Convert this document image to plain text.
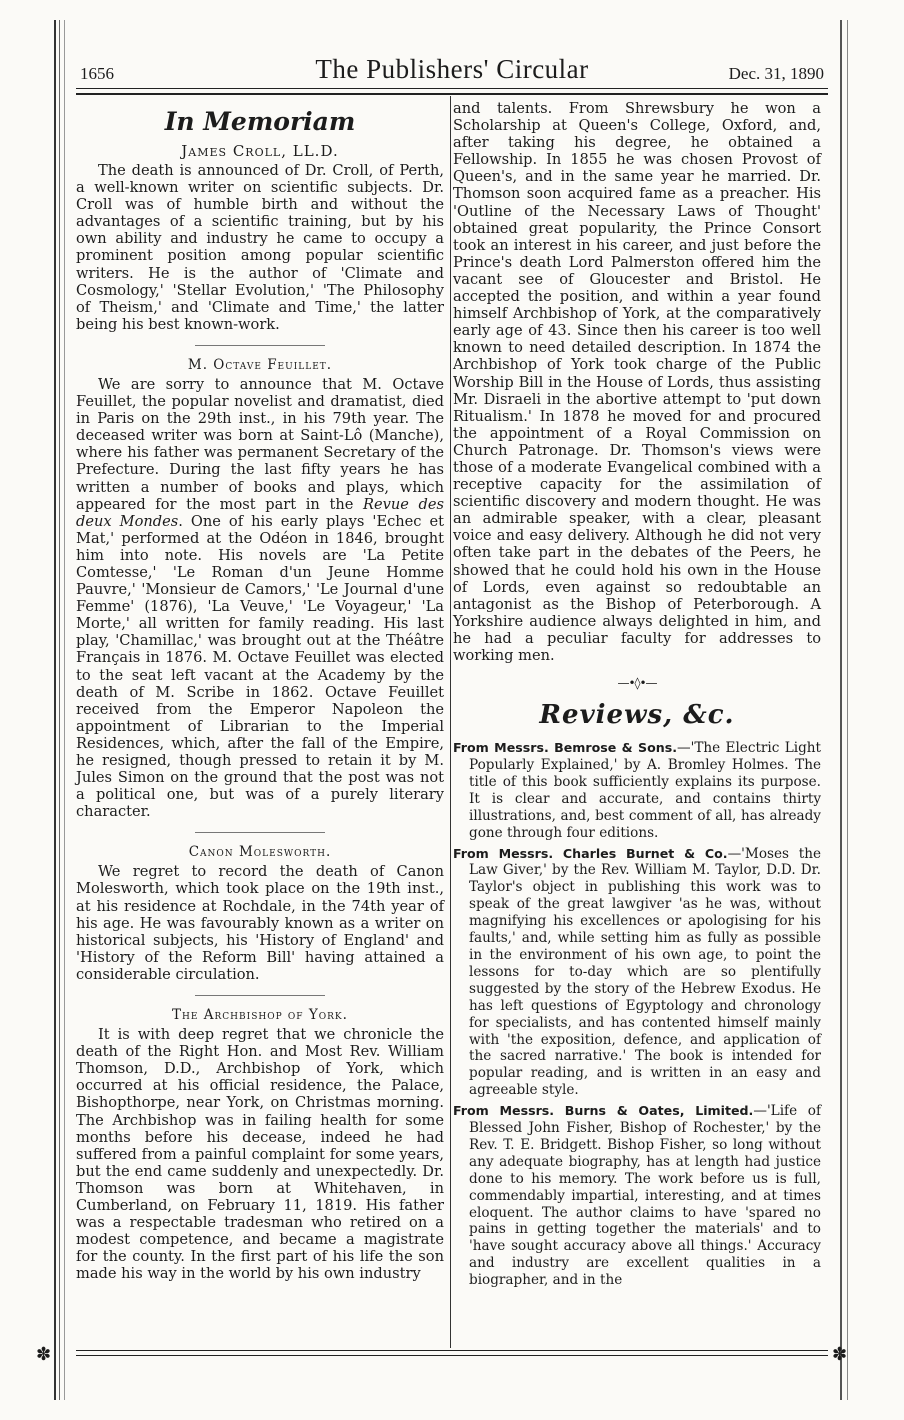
1656	The Publishers' Circular	Dec. 31, 1890
In Memoriam
James Croll, LL.D.

The death is announced of Dr. Croll, of Perth, a well-known writer on scientific subjects. Dr. Croll was of humble birth and without the advantages of a scientific training, but by his own ability and industry he came to occupy a prominent position among popular scientific writers. He is the author of 'Climate and Cosmology,' 'Stellar Evolution,' 'The Philosophy of Theism,' and 'Climate and Time,' the latter being his best known-work.

M. Octave Feuillet.

We are sorry to announce that M. Octave Feuillet, the popular novelist and dramatist, died in Paris on the 29th inst., in his 79th year. The deceased writer was born at Saint-Lô (Manche), where his father was permanent Secretary of the Prefecture. During the last fifty years he has written a number of books and plays, which appeared for the most part in the Revue des deux Mondes. One of his early plays 'Echec et Mat,' performed at the Odéon in 1846, brought him into note. His novels are 'La Petite Comtesse,' 'Le Roman d'un Jeune Homme Pauvre,' 'Monsieur de Camors,' 'Le Journal d'une Femme' (1876), 'La Veuve,' 'Le Voyageur,' 'La Morte,' all written for family reading. His last play, 'Chamillac,' was brought out at the Théâtre Français in 1876. M. Octave Feuillet was elected to the seat left vacant at the Academy by the death of M. Scribe in 1862. Octave Feuillet received from the Emperor Napoleon the appointment of Librarian to the Imperial Residences, which, after the fall of the Empire, he resigned, though pressed to retain it by M. Jules Simon on the ground that the post was not a political one, but was of a purely literary character.

Canon Molesworth.

We regret to record the death of Canon Molesworth, which took place on the 19th inst., at his residence at Rochdale, in the 74th year of his age. He was favourably known as a writer on historical subjects, his 'History of England' and 'History of the Reform Bill' having attained a considerable circulation.

The Archbishop of York.

It is with deep regret that we chronicle the death of the Right Hon. and Most Rev. William Thomson, D.D., Archbishop of York, which occurred at his official residence, the Palace, Bishopthorpe, near York, on Christmas morning. The Archbishop was in failing health for some months before his decease, indeed he had suffered from a painful complaint for some years, but the end came suddenly and unexpectedly. Dr. Thomson was born at Whitehaven, in Cumberland, on February 11, 1819. His father was a respectable tradesman who retired on a modest competence, and became a magistrate for the county. In the first part of his life the son made his way in the world by his own industry

and talents. From Shrewsbury he won a Scholarship at Queen's College, Oxford, and, after taking his degree, he obtained a Fellowship. In 1855 he was chosen Provost of Queen's, and in the same year he married. Dr. Thomson soon acquired fame as a preacher. His 'Outline of the Necessary Laws of Thought' obtained great popularity, the Prince Consort took an interest in his career, and just before the Prince's death Lord Palmerston offered him the vacant see of Gloucester and Bristol. He accepted the position, and within a year found himself Archbishop of York, at the comparatively early age of 43. Since then his career is too well known to need detailed description. In 1874 the Archbishop of York took charge of the Public Worship Bill in the House of Lords, thus assisting Mr. Disraeli in the abortive attempt to 'put down Ritualism.' In 1878 he moved for and procured the appointment of a Royal Commission on Church Patronage. Dr. Thomson's views were those of a moderate Evangelical combined with a receptive capacity for the assimilation of scientific discovery and modern thought. He was an admirable speaker, with a clear, pleasant voice and easy delivery. Although he did not very often take part in the debates of the Peers, he showed that he could hold his own in the House of Lords, even against so redoubtable an antagonist as the Bishop of Peterborough. A Yorkshire audience always delighted in him, and he had a peculiar faculty for addresses to working men.

—•◊•—
Reviews, &c.
From Messrs. Bemrose & Sons.—'The Electric Light Popularly Explained,' by A. Bromley Holmes. The title of this book sufficiently explains its purpose. It is clear and accurate, and contains thirty illustrations, and, best comment of all, has already gone through four editions.
From Messrs. Charles Burnet & Co.—'Moses the Law Giver,' by the Rev. William M. Taylor, D.D. Dr. Taylor's object in publishing this work was to speak of the great lawgiver 'as he was, without magnifying his excellences or apologising for his faults,' and, while setting him as fully as possible in the environment of his own age, to point the lessons for to-day which are so plentifully suggested by the story of the Hebrew Exodus. He has left questions of Egyptology and chronology for specialists, and has contented himself mainly with 'the exposition, defence, and application of the sacred narrative.' The book is intended for popular reading, and is written in an easy and agreeable style.
From Messrs. Burns & Oates, Limited.—'Life of Blessed John Fisher, Bishop of Rochester,' by the Rev. T. E. Bridgett. Bishop Fisher, so long without any adequate biography, has at length had justice done to his memory. The work before us is full, commendably impartial, interesting, and at times eloquent. The author claims to have 'spared no pains in getting together the materials' and to 'have sought accuracy above all things.' Accuracy and industry are excellent qualities in a biographer, and in the
✽	✽
